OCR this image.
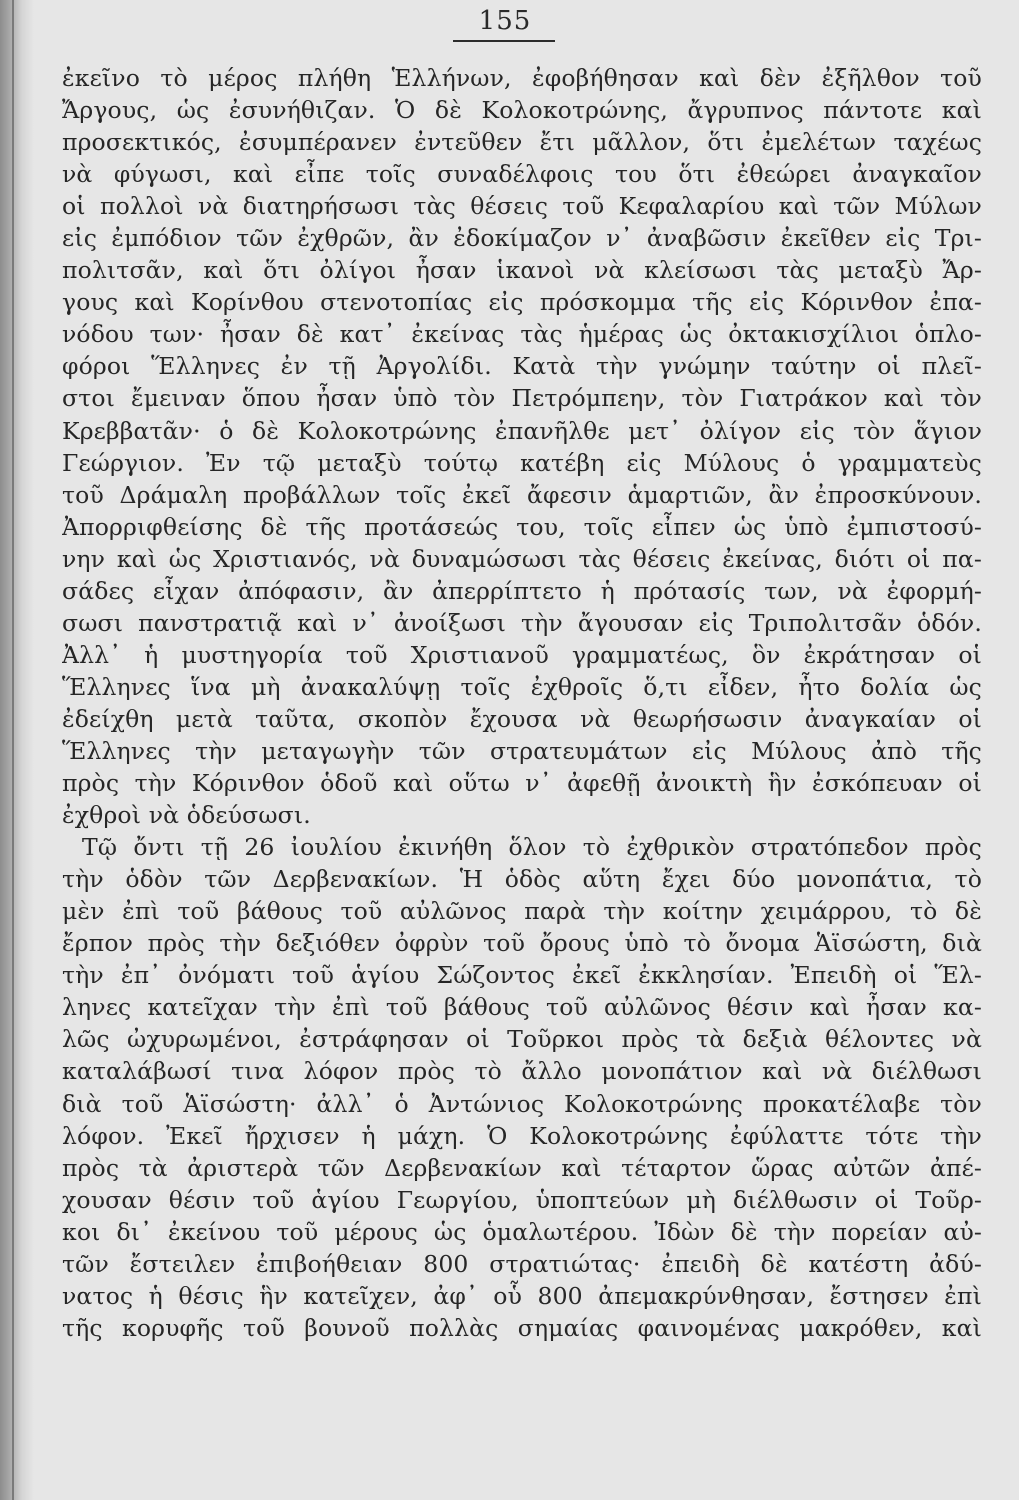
155
ἐκεῖνο τὸ μέρος πλήθη Ἑλλήνων, ἐφοβήθησαν καὶ δὲν ἐξῆλθον τοῦ
Ἄργους, ὡς ἐσυνήθιζαν. Ὁ δὲ Κολοκοτρώνης, ἄγρυπνος πάντοτε καὶ
προσεκτικός, ἐσυμπέρανεν ἐντεῦθεν ἔτι μᾶλλον, ὅτι ἐμελέτων ταχέως
νὰ φύγωσι, καὶ εἶπε τοῖς συναδέλφοις του ὅτι ἐθεώρει ἀναγκαῖον
οἱ πολλοὶ νὰ διατηρήσωσι τὰς θέσεις τοῦ Κεφαλαρίου καὶ τῶν Μύλων
εἰς ἐμπόδιον τῶν ἐχθρῶν, ἂν ἐδοκίμαζον ν᾽ ἀναβῶσιν ἐκεῖθεν εἰς Τρι-
πολιτσᾶν, καὶ ὅτι ὀλίγοι ἦσαν ἱκανοὶ νὰ κλείσωσι τὰς μεταξὺ Ἄρ-
γους καὶ Κορίνθου στενοτοπίας εἰς πρόσκομμα τῆς εἰς Κόρινθον ἐπα-
νόδου των· ἦσαν δὲ κατ᾽ ἐκείνας τὰς ἡμέρας ὡς ὀκτακισχίλιοι ὁπλο-
φόροι Ἕλληνες ἐν τῇ Ἀργολίδι. Κατὰ τὴν γνώμην ταύτην οἱ πλεῖ-
στοι ἔμειναν ὅπου ἦσαν ὑπὸ τὸν Πετρόμπεην, τὸν Γιατράκον καὶ τὸν
Κρεββατᾶν· ὁ δὲ Κολοκοτρώνης ἐπανῆλθε μετ᾽ ὀλίγον εἰς τὸν ἅγιον
Γεώργιον. Ἐν τῷ μεταξὺ τούτῳ κατέβη εἰς Μύλους ὁ γραμματεὺς
τοῦ Δράμαλη προβάλλων τοῖς ἐκεῖ ἄφεσιν ἁμαρτιῶν, ἂν ἐπροσκύνουν.
Ἀπορριφθείσης δὲ τῆς προτάσεώς του, τοῖς εἶπεν ὡς ὑπὸ ἐμπιστοσύ-
νην καὶ ὡς Χριστιανός, νὰ δυναμώσωσι τὰς θέσεις ἐκείνας, διότι οἱ πα-
σάδες εἶχαν ἀπόφασιν, ἂν ἀπερρίπτετο ἡ πρότασίς των, νὰ ἐφορμή-
σωσι πανστρατιᾷ καὶ ν᾽ ἀνοίξωσι τὴν ἄγουσαν εἰς Τριπολιτσᾶν ὁδόν.
Ἀλλ᾽ ἡ μυστηγορία τοῦ Χριστιανοῦ γραμματέως, ὃν ἐκράτησαν οἱ
Ἕλληνες ἵνα μὴ ἀνακαλύψῃ τοῖς ἐχθροῖς ὅ,τι εἶδεν, ἦτο δολία ὡς
ἐδείχθη μετὰ ταῦτα, σκοπὸν ἔχουσα νὰ θεωρήσωσιν ἀναγκαίαν οἱ
Ἕλληνες τὴν μεταγωγὴν τῶν στρατευμάτων εἰς Μύλους ἀπὸ τῆς
πρὸς τὴν Κόρινθον ὁδοῦ καὶ οὕτω ν᾽ ἀφεθῇ ἀνοικτὴ ἣν ἐσκόπευαν οἱ
ἐχθροὶ νὰ ὁδεύσωσι.
Τῷ ὄντι τῇ 26 ἰουλίου ἐκινήθη ὅλον τὸ ἐχθρικὸν στρατόπεδον πρὸς
τὴν ὁδὸν τῶν Δερβενακίων. Ἡ ὁδὸς αὕτη ἔχει δύο μονοπάτια, τὸ
μὲν ἐπὶ τοῦ βάθους τοῦ αὐλῶνος παρὰ τὴν κοίτην χειμάρρου, τὸ δὲ
ἔρπον πρὸς τὴν δεξιόθεν ὀφρὺν τοῦ ὄρους ὑπὸ τὸ ὄνομα Ἁϊσώστη, διὰ
τὴν ἐπ᾽ ὀνόματι τοῦ ἁγίου Σώζοντος ἐκεῖ ἐκκλησίαν. Ἐπειδὴ οἱ Ἕλ-
ληνες κατεῖχαν τὴν ἐπὶ τοῦ βάθους τοῦ αὐλῶνος θέσιν καὶ ἦσαν κα-
λῶς ὠχυρωμένοι, ἐστράφησαν οἱ Τοῦρκοι πρὸς τὰ δεξιὰ θέλοντες νὰ
καταλάβωσί τινα λόφον πρὸς τὸ ἄλλο μονοπάτιον καὶ νὰ διέλθωσι
διὰ τοῦ Ἁϊσώστη· ἀλλ᾽ ὁ Ἀντώνιος Κολοκοτρώνης προκατέλαβε τὸν
λόφον. Ἐκεῖ ἤρχισεν ἡ μάχη. Ὁ Κολοκοτρώνης ἐφύλαττε τότε τὴν
πρὸς τὰ ἀριστερὰ τῶν Δερβενακίων καὶ τέταρτον ὥρας αὐτῶν ἀπέ-
χουσαν θέσιν τοῦ ἁγίου Γεωργίου, ὑποπτεύων μὴ διέλθωσιν οἱ Τοῦρ-
κοι δι᾽ ἐκείνου τοῦ μέρους ὡς ὁμαλωτέρου. Ἰδὼν δὲ τὴν πορείαν αὐ-
τῶν ἔστειλεν ἐπιβοήθειαν 800 στρατιώτας· ἐπειδὴ δὲ κατέστη ἀδύ-
νατος ἡ θέσις ἣν κατεῖχεν, ἀφ᾽ οὗ 800 ἀπεμακρύνθησαν, ἔστησεν ἐπὶ
τῆς κορυφῆς τοῦ βουνοῦ πολλὰς σημαίας φαινομένας μακρόθεν, καὶ
